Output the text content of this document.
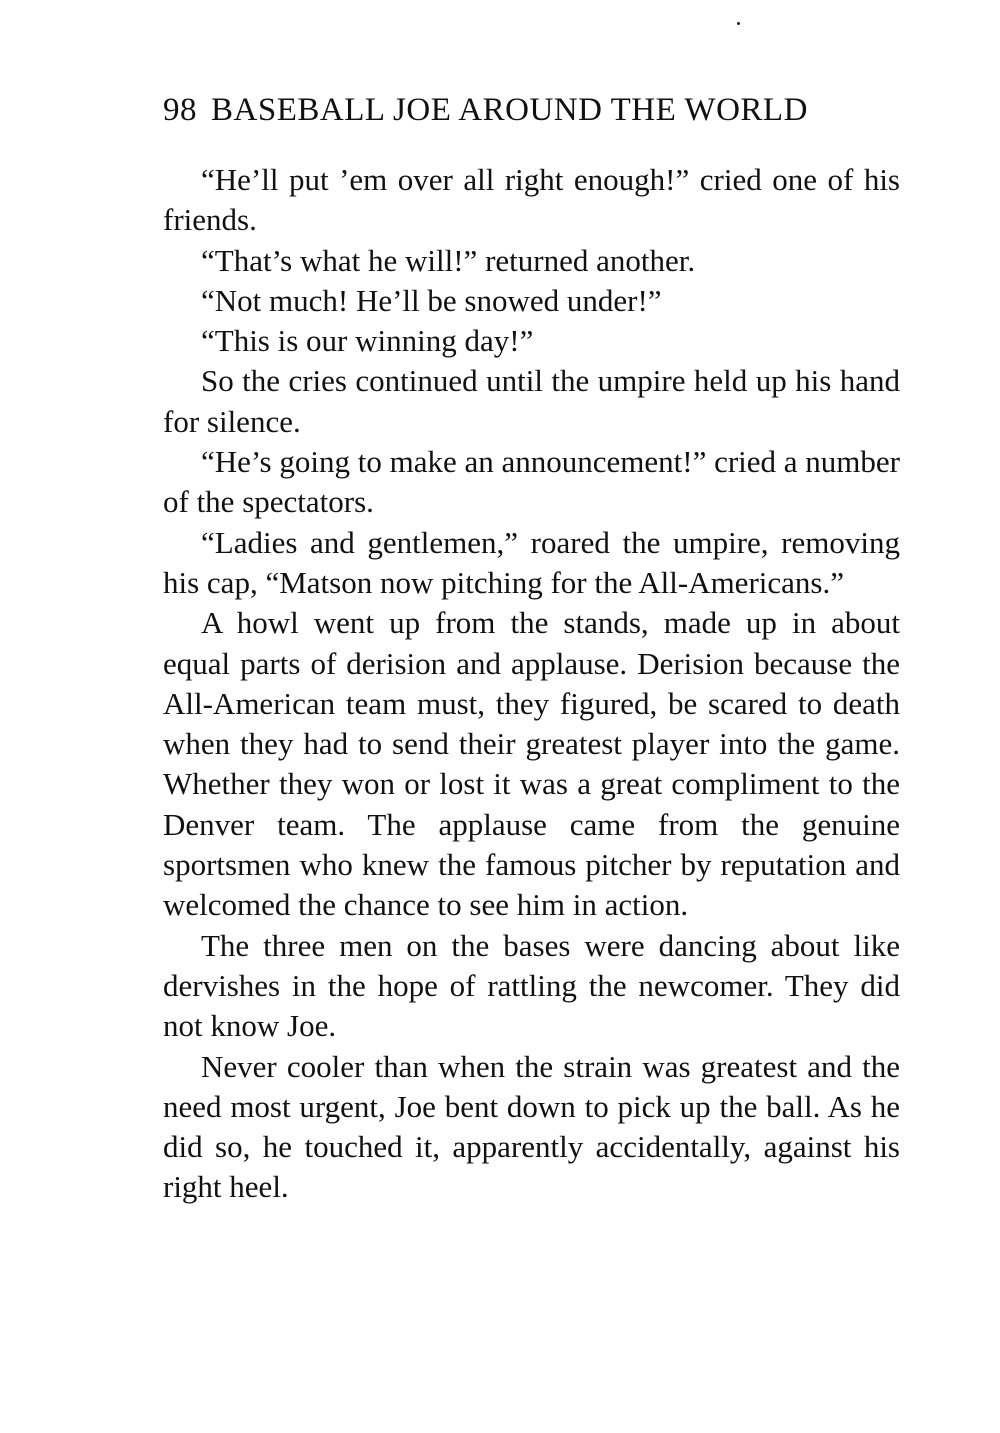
98 BASEBALL JOE AROUND THE WORLD

“He’ll put ’em over all right enough!” cried one of his friends.

“That’s what he will!” returned another.

“Not much! He’ll be snowed under!”

“This is our winning day!”

So the cries continued until the umpire held up his hand for silence.

“He’s going to make an announcement!” cried a number of the spectators.

“Ladies and gentlemen,” roared the umpire, removing his cap, “Matson now pitching for the All-Americans.”

A howl went up from the stands, made up in about equal parts of derision and applause. Derision because the All-American team must, they figured, be scared to death when they had to send their greatest player into the game. Whether they won or lost it was a great compliment to the Denver team. The applause came from the genuine sportsmen who knew the famous pitcher by reputation and welcomed the chance to see him in action.

The three men on the bases were dancing about like dervishes in the hope of rattling the newcomer. They did not know Joe.

Never cooler than when the strain was greatest and the need most urgent, Joe bent down to pick up the ball. As he did so, he touched it, apparently accidentally, against his right heel.
